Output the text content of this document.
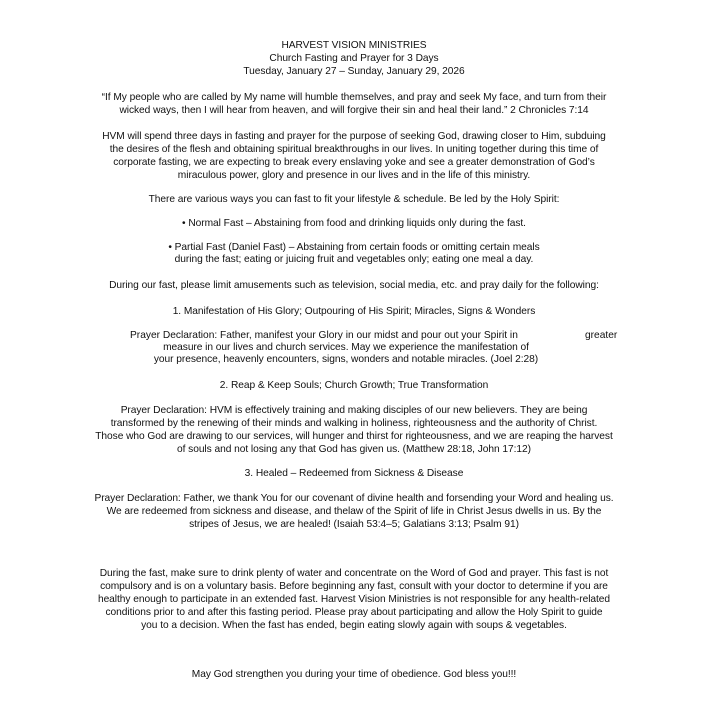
HARVEST VISION MINISTRIES
Church Fasting and Prayer for 3 Days
Tuesday, January 27 – Sunday, January 29, 2026
“If My people who are called by My name will humble themselves, and pray and seek My face, and turn from their
wicked ways, then I will hear from heaven, and will forgive their sin and heal their land.” 2 Chronicles 7:14
HVM will spend three days in fasting and prayer for the purpose of seeking God, drawing closer to Him, subduing
the desires of the flesh and obtaining spiritual breakthroughs in our lives. In uniting together during this time of
corporate fasting, we are expecting to break every enslaving yoke and see a greater demonstration of God’s
miraculous power, glory and presence in our lives and in the life of this ministry.
There are various ways you can fast to fit your lifestyle & schedule. Be led by the Holy Spirit:
• Normal Fast – Abstaining from food and drinking liquids only during the fast.
• Partial Fast (Daniel Fast) – Abstaining from certain foods or omitting certain meals
during the fast; eating or juicing fruit and vegetables only; eating one meal a day.
During our fast, please limit amusements such as television, social media, etc. and pray daily for the following:
1. Manifestation of His Glory; Outpouring of His Spirit; Miracles, Signs & Wonders
Prayer Declaration: Father, manifest your Glory in our midst and pour out your Spirit in	greater
measure in our lives and church services. May we experience the manifestation of
your presence, heavenly encounters, signs, wonders and notable miracles. (Joel 2:28)
2. Reap & Keep Souls; Church Growth; True Transformation
Prayer Declaration: HVM is effectively training and making disciples of our new believers. They are being
transformed by the renewing of their minds and walking in holiness, righteousness and the authority of Christ.
Those who God are drawing to our services, will hunger and thirst for righteousness, and we are reaping the harvest
of souls and not losing any that God has given us. (Matthew 28:18, John 17:12)
3. Healed – Redeemed from Sickness & Disease
Prayer Declaration: Father, we thank You for our covenant of divine health and forsending your Word and healing us.
We are redeemed from sickness and disease, and thelaw of the Spirit of life in Christ Jesus dwells in us. By the
stripes of Jesus, we are healed! (Isaiah 53:4–5; Galatians 3:13; Psalm 91)
During the fast, make sure to drink plenty of water and concentrate on the Word of God and prayer. This fast is not
compulsory and is on a voluntary basis. Before beginning any fast, consult with your doctor to determine if you are
healthy enough to participate in an extended fast. Harvest Vision Ministries is not responsible for any health-related
conditions prior to and after this fasting period. Please pray about participating and allow the Holy Spirit to guide
you to a decision. When the fast has ended, begin eating slowly again with soups & vegetables.
May God strengthen you during your time of obedience. God bless you!!!
